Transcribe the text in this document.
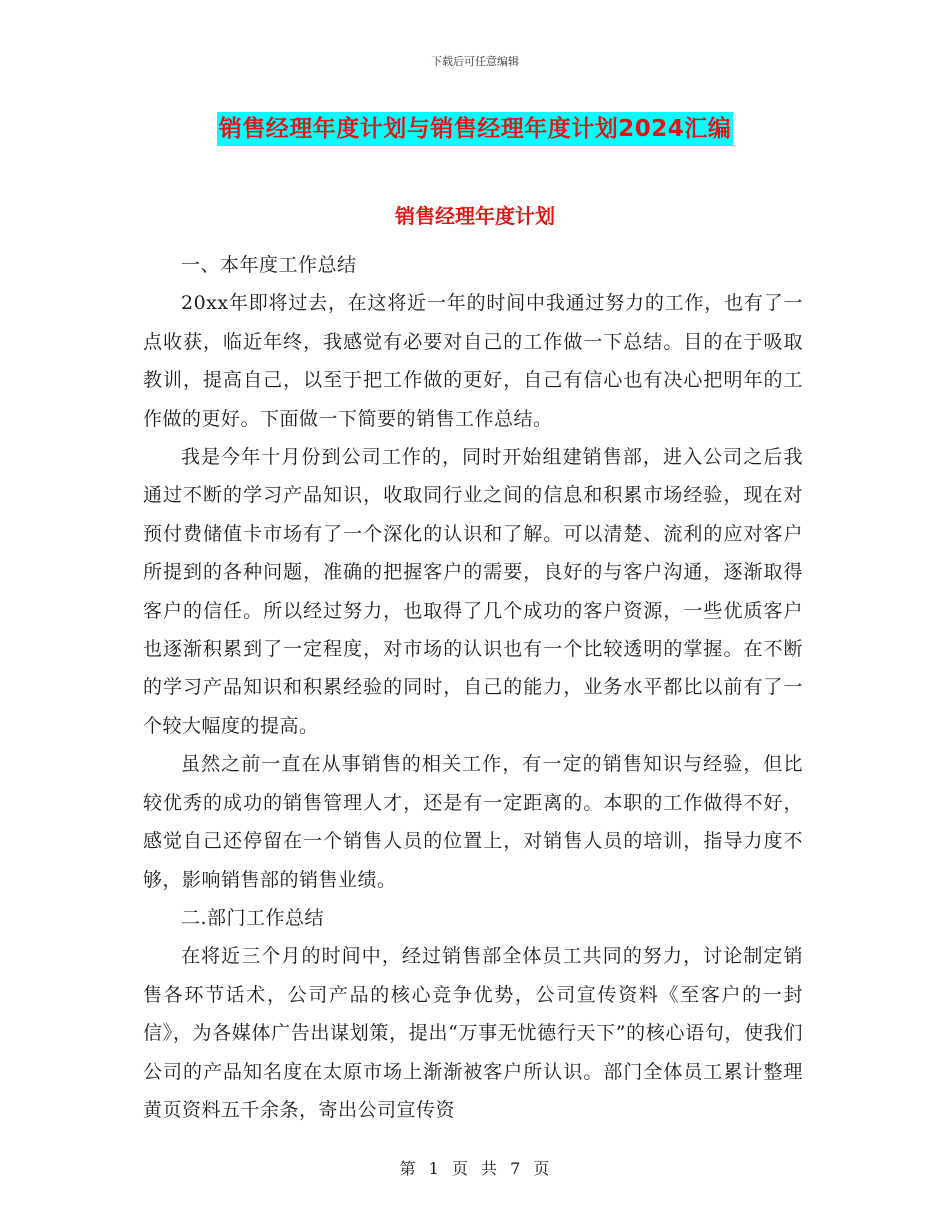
下载后可任意编辑
销售经理年度计划与销售经理年度计划2024汇编
销售经理年度计划

一、本年度工作总结

20xx年即将过去，在这将近一年的时间中我通过努力的工作，也有了一点收获，临近年终，我感觉有必要对自己的工作做一下总结。目的在于吸取教训，提高自己，以至于把工作做的更好，自己有信心也有决心把明年的工作做的更好。下面做一下简要的销售工作总结。

我是今年十月份到公司工作的，同时开始组建销售部，进入公司之后我通过不断的学习产品知识，收取同行业之间的信息和积累市场经验，现在对预付费储值卡市场有了一个深化的认识和了解。可以清楚、流利的应对客户所提到的各种问题，准确的把握客户的需要，良好的与客户沟通，逐渐取得客户的信任。所以经过努力，也取得了几个成功的客户资源，一些优质客户也逐渐积累到了一定程度，对市场的认识也有一个比较透明的掌握。在不断的学习产品知识和积累经验的同时，自己的能力，业务水平都比以前有了一个较大幅度的提高。

虽然之前一直在从事销售的相关工作，有一定的销售知识与经验，但比较优秀的成功的销售管理人才，还是有一定距离的。本职的工作做得不好，感觉自己还停留在一个销售人员的位置上，对销售人员的培训，指导力度不够，影响销售部的销售业绩。

二.部门工作总结

在将近三个月的时间中，经过销售部全体员工共同的努力，讨论制定销售各环节话术，公司产品的核心竞争优势，公司宣传资料《至客户的一封信》，为各媒体广告出谋划策，提出“万事无忧德行天下”的核心语句，使我们公司的产品知名度在太原市场上渐渐被客户所认识。部门全体员工累计整理黄页资料五千余条，寄出公司宣传资

第 1 页 共 7 页
